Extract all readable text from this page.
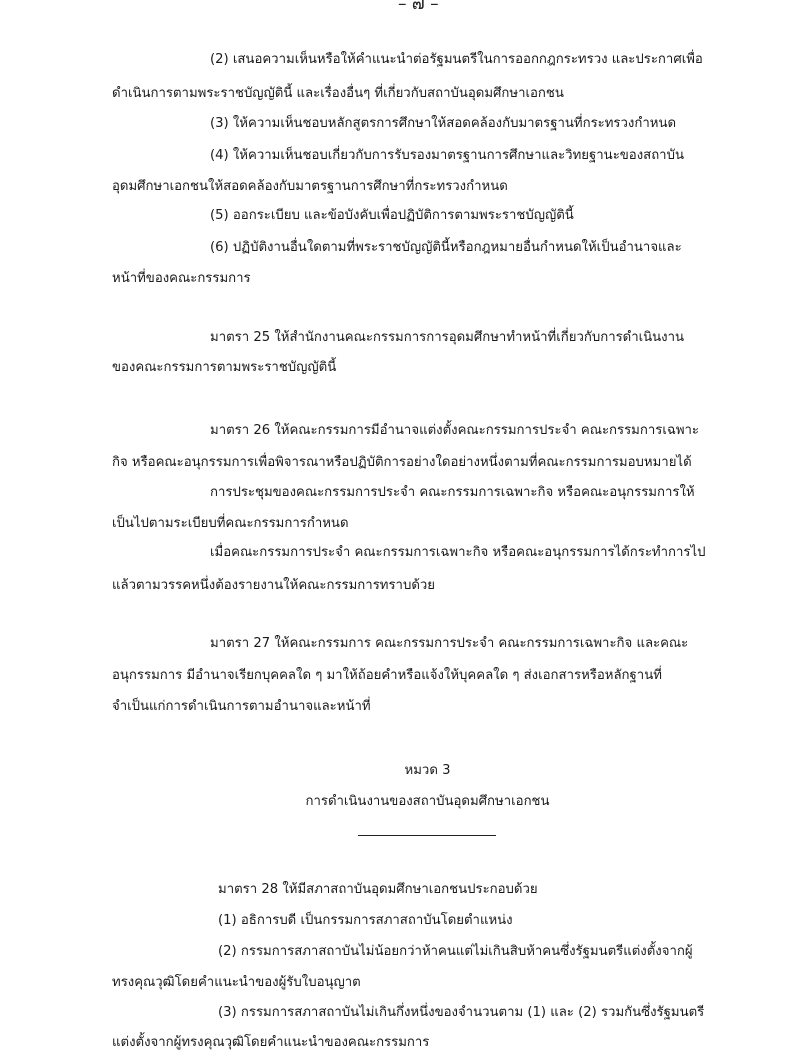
– ๗ –

(2) เสนอความเห็นหรือให้คำแนะนำต่อรัฐมนตรีในการออกกฎกระทรวง และประกาศเพื่อ

ดำเนินการตามพระราชบัญญัตินี้ และเรื่องอื่นๆ ที่เกี่ยวกับสถาบันอุดมศึกษาเอกชน

(3) ให้ความเห็นชอบหลักสูตรการศึกษาให้สอดคล้องกับมาตรฐานที่กระทรวงกำหนด

(4) ให้ความเห็นชอบเกี่ยวกับการรับรองมาตรฐานการศึกษาและวิทยฐานะของสถาบัน

อุดมศึกษาเอกชนให้สอดคล้องกับมาตรฐานการศึกษาที่กระทรวงกำหนด

(5) ออกระเบียบ และข้อบังคับเพื่อปฏิบัติการตามพระราชบัญญัตินี้

(6) ปฏิบัติงานอื่นใดตามที่พระราชบัญญัตินี้หรือกฎหมายอื่นกำหนดให้เป็นอำนาจและ

หน้าที่ของคณะกรรมการ

มาตรา 25 ให้สำนักงานคณะกรรมการการอุดมศึกษาทำหน้าที่เกี่ยวกับการดำเนินงาน

ของคณะกรรมการตามพระราชบัญญัตินี้

มาตรา 26 ให้คณะกรรมการมีอำนาจแต่งตั้งคณะกรรมการประจำ คณะกรรมการเฉพาะ

กิจ หรือคณะอนุกรรมการเพื่อพิจารณาหรือปฏิบัติการอย่างใดอย่างหนึ่งตามที่คณะกรรมการมอบหมายได้

การประชุมของคณะกรรมการประจำ คณะกรรมการเฉพาะกิจ หรือคณะอนุกรรมการให้

เป็นไปตามระเบียบที่คณะกรรมการกำหนด

เมื่อคณะกรรมการประจำ คณะกรรมการเฉพาะกิจ หรือคณะอนุกรรมการได้กระทำการไป

แล้วตามวรรคหนึ่งต้องรายงานให้คณะกรรมการทราบด้วย

มาตรา 27 ให้คณะกรรมการ คณะกรรมการประจำ คณะกรรมการเฉพาะกิจ และคณะ

อนุกรรมการ มีอำนาจเรียกบุคคลใด ๆ มาให้ถ้อยคำหรือแจ้งให้บุคคลใด ๆ ส่งเอกสารหรือหลักฐานที่

จำเป็นแก่การดำเนินการตามอำนาจและหน้าที่

หมวด 3

การดำเนินงานของสถาบันอุดมศึกษาเอกชน

มาตรา 28 ให้มีสภาสถาบันอุดมศึกษาเอกชนประกอบด้วย

(1) อธิการบดี เป็นกรรมการสภาสถาบันโดยตำแหน่ง

(2) กรรมการสภาสถาบันไม่น้อยกว่าห้าคนแต่ไม่เกินสิบห้าคนซึ่งรัฐมนตรีแต่งตั้งจากผู้

ทรงคุณวุฒิโดยคำแนะนำของผู้รับใบอนุญาต

(3) กรรมการสภาสถาบันไม่เกินกึ่งหนึ่งของจำนวนตาม (1) และ (2) รวมกันซึ่งรัฐมนตรี

แต่งตั้งจากผู้ทรงคุณวุฒิโดยคำแนะนำของคณะกรรมการ
